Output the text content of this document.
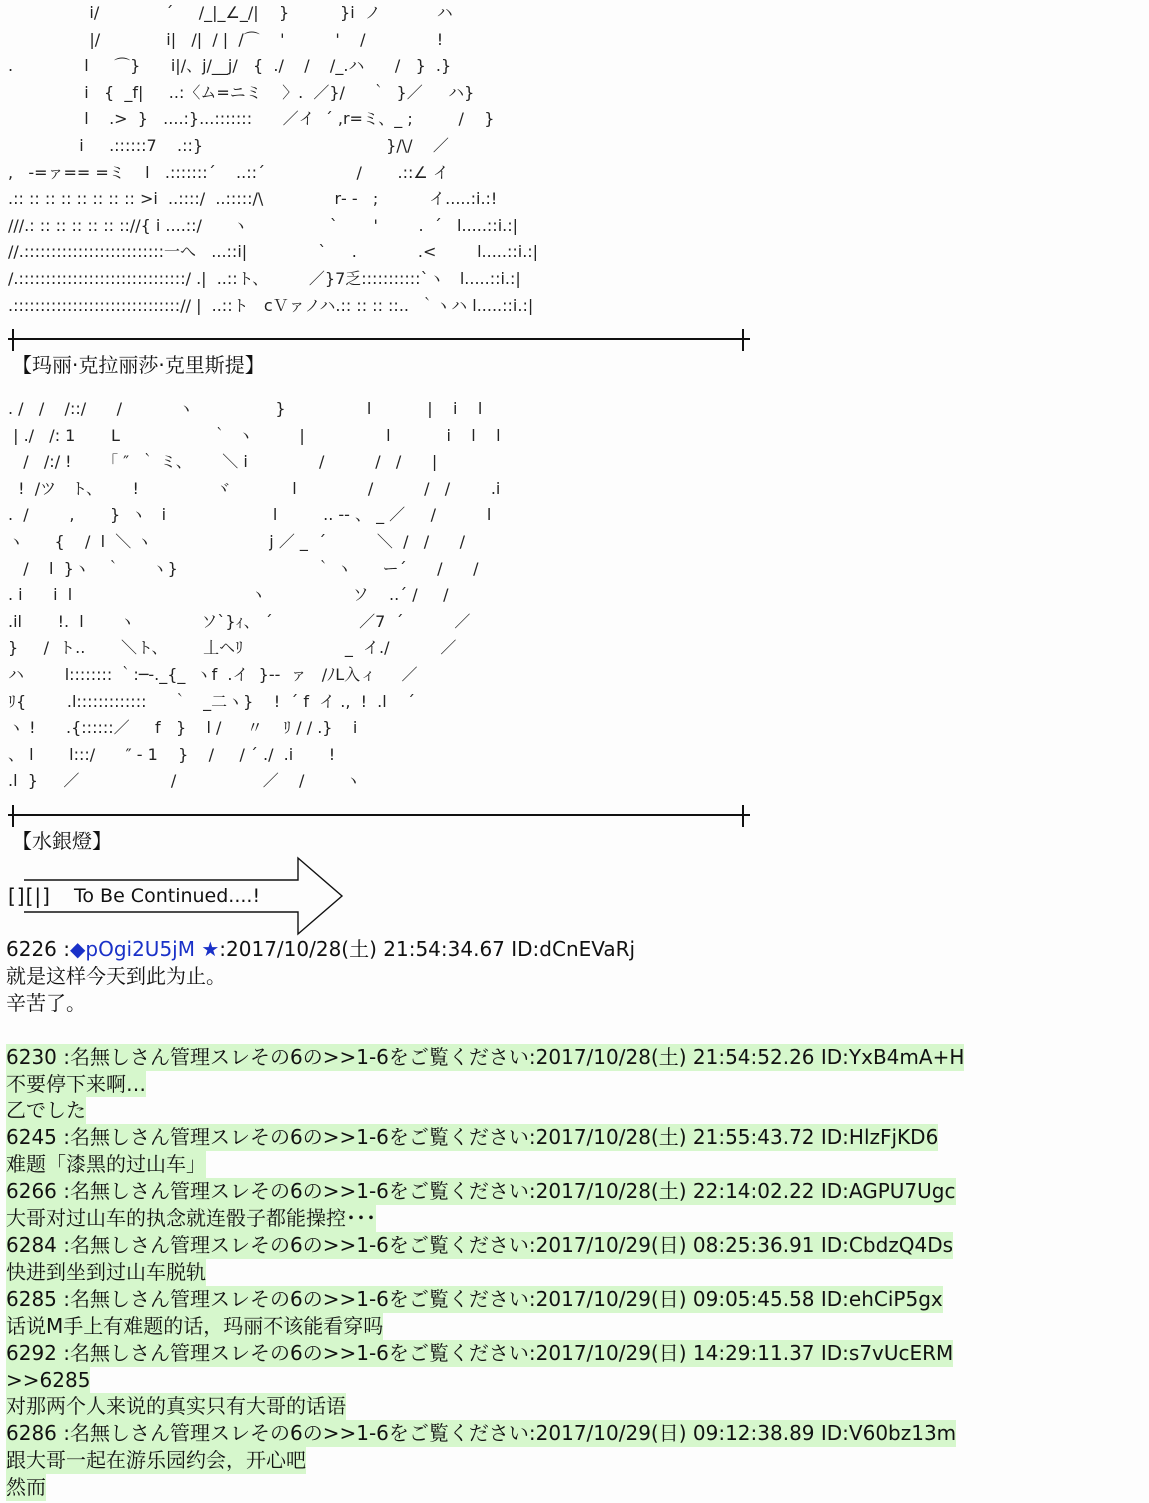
i/             ´     /_|_∠_/|    }          }i  ノ           ハ
|/             i|   /|  / |  /⌒    '          '    /              !
.              l     ⌒}      i|/、j/__j/   {  ./    /    /_.ハ      /   }  .}
i   {  _f|     ..:〈ム=ニミ    〉.  ／}/     ｀  }／     ハ}
l    .>  }   ....:}...:::::::      ／イ  ´ ,r=ミ、_ ;         /    }
i     .::::::7    .::}                                    }/\/    ／
,   -=ァ== =ミ    l   .:::::::´    ..::´                  /       .::∠ イ
.:: :: :: :: :: :: :: :: >i  ..::::/  ..:::::/\              r‐ ‐   ;          イ.....:i.:!
///.: :: :: :: :: :: :://{ i ....::/      ヽ                `       '        .  ´   l.....::i.:|
//.::::::::::::::::::::::::::一へ   ...::i|              `     .            .<        l.....::i.:|
/.:::::::::::::::::::::::::::::::/ .|  ..::ト、        ／}7乏:::::::::::`ヽ   l.....::i.:|
.:::::::::::::::::::::::::::::::// |  ..::ト   cＶァノハ.:: :: :: ::..  ｀ヽハ l.....::i.:|
【玛丽·克拉丽莎·克里斯提】
. /   /    /::/      /           ヽ                }                l           |    i    l
| ./   /: 1       L                  ｀  ヽ         |                l           i    l    l
/   /:/ !      「 ″  ｀ ミ、      ＼ i              /          /   /      |
!  /ツ   ト、      !               ヾ            l              /          /   /        .i
.  /        ,       }  ヽ   i                     l         .. ‐‐ 、 _ ／     /          l
ヽ      {    /  l  ＼ ヽ                       j ／ _  ´          ＼  /   /      /
/    l  }ヽ   ｀      ヽ}                           ｀ ヽ      ー´      /      /
. i      i  l                                   ヽ                 ソ    ..´ /     /
.il       !.  l       ヽ             ソ`}ｨ、 ´                 ／7  ´          ／
}     /  ト..       ＼ト、       丄ヘﾘ                    _  イ./          ／
ハ        l:::::::: ｀:─-._{_  ヽf  .イ  }-‐  ァ   /ﾉL入ィ     ／
ﾘ{        .l:::::::::::::     ｀   _二ヽ}    !  ´ f  イ .,  !  .l    ´
ヽ !      .{::::::／     f   }    l /     〃    ﾘ / / .}    i
、 l       l:::/      ″ ‐ 1    }    /     / ´ ./  .i       !
.l  }     ／                  /                 ／    /        ヽ
【水銀燈】
[][|] To Be Continued....!
6226 :◆pOgi2U5jM ★:2017/10/28(土) 21:54:34.67 ID:dCnEVaRj
就是这样今天到此为止。
辛苦了。

6230 :名無しさん管理スレその6の>>1-6をご覧ください:2017/10/28(土) 21:54:52.26 ID:YxB4mA+H
不要停下来啊…
乙でした
6245 :名無しさん管理スレその6の>>1-6をご覧ください:2017/10/28(土) 21:55:43.72 ID:HlzFjKD6
难题「漆黑的过山车」
6266 :名無しさん管理スレその6の>>1-6をご覧ください:2017/10/28(土) 22:14:02.22 ID:AGPU7Ugc
大哥对过山车的执念就连骰子都能操控･･･
6284 :名無しさん管理スレその6の>>1-6をご覧ください:2017/10/29(日) 08:25:36.91 ID:CbdzQ4Ds
快进到坐到过山车脱轨
6285 :名無しさん管理スレその6の>>1-6をご覧ください:2017/10/29(日) 09:05:45.58 ID:ehCiP5gx
话说M手上有难题的话，玛丽不该能看穿吗
6292 :名無しさん管理スレその6の>>1-6をご覧ください:2017/10/29(日) 14:29:11.37 ID:s7vUcERM
>>6285
对那两个人来说的真实只有大哥的话语
6286 :名無しさん管理スレその6の>>1-6をご覧ください:2017/10/29(日) 09:12:38.89 ID:V60bz13m
跟大哥一起在游乐园约会，开心吧
然而
